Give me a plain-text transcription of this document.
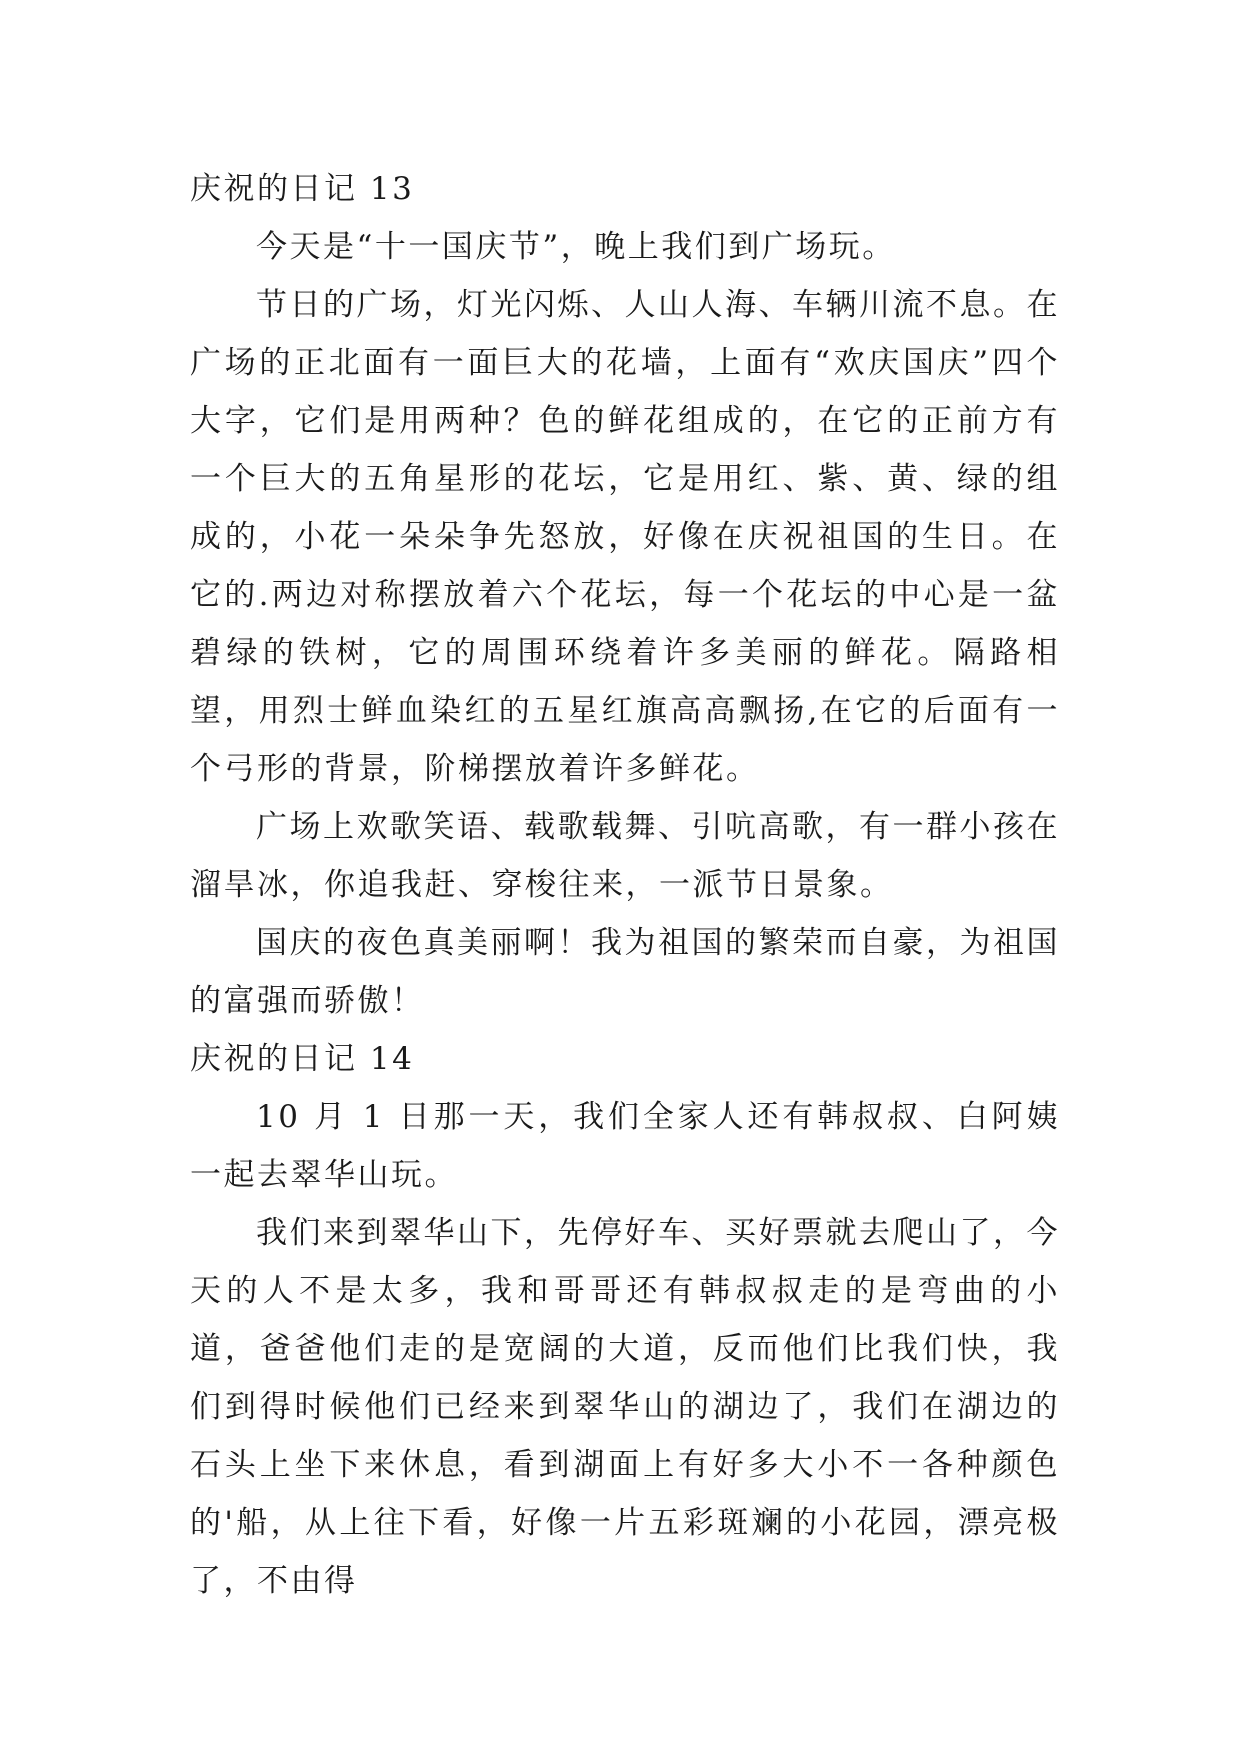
庆祝的日记 13

今天是“十一国庆节”，晚上我们到广场玩。

节日的广场，灯光闪烁、人山人海、车辆川流不息。在广场的正北面有一面巨大的花墙，上面有“欢庆国庆”四个大字，它们是用两种？色的鲜花组成的，在它的正前方有一个巨大的五角星形的花坛，它是用红、紫、黄、绿的组成的，小花一朵朵争先怒放，好像在庆祝祖国的生日。在它的.两边对称摆放着六个花坛，每一个花坛的中心是一盆碧绿的铁树，它的周围环绕着许多美丽的鲜花。隔路相望，用烈士鲜血染红的五星红旗高高飘扬,在它的后面有一个弓形的背景，阶梯摆放着许多鲜花。

广场上欢歌笑语、载歌载舞、引吭高歌，有一群小孩在溜旱冰，你追我赶、穿梭往来，一派节日景象。

国庆的夜色真美丽啊！我为祖国的繁荣而自豪，为祖国的富强而骄傲！

庆祝的日记 14

10 月 1 日那一天，我们全家人还有韩叔叔、白阿姨一起去翠华山玩。

我们来到翠华山下，先停好车、买好票就去爬山了，今天的人不是太多，我和哥哥还有韩叔叔走的是弯曲的小道，爸爸他们走的是宽阔的大道，反而他们比我们快，我们到得时候他们已经来到翠华山的湖边了，我们在湖边的石头上坐下来休息，看到湖面上有好多大小不一各种颜色的'船，从上往下看，好像一片五彩斑斓的小花园，漂亮极了，不由得
